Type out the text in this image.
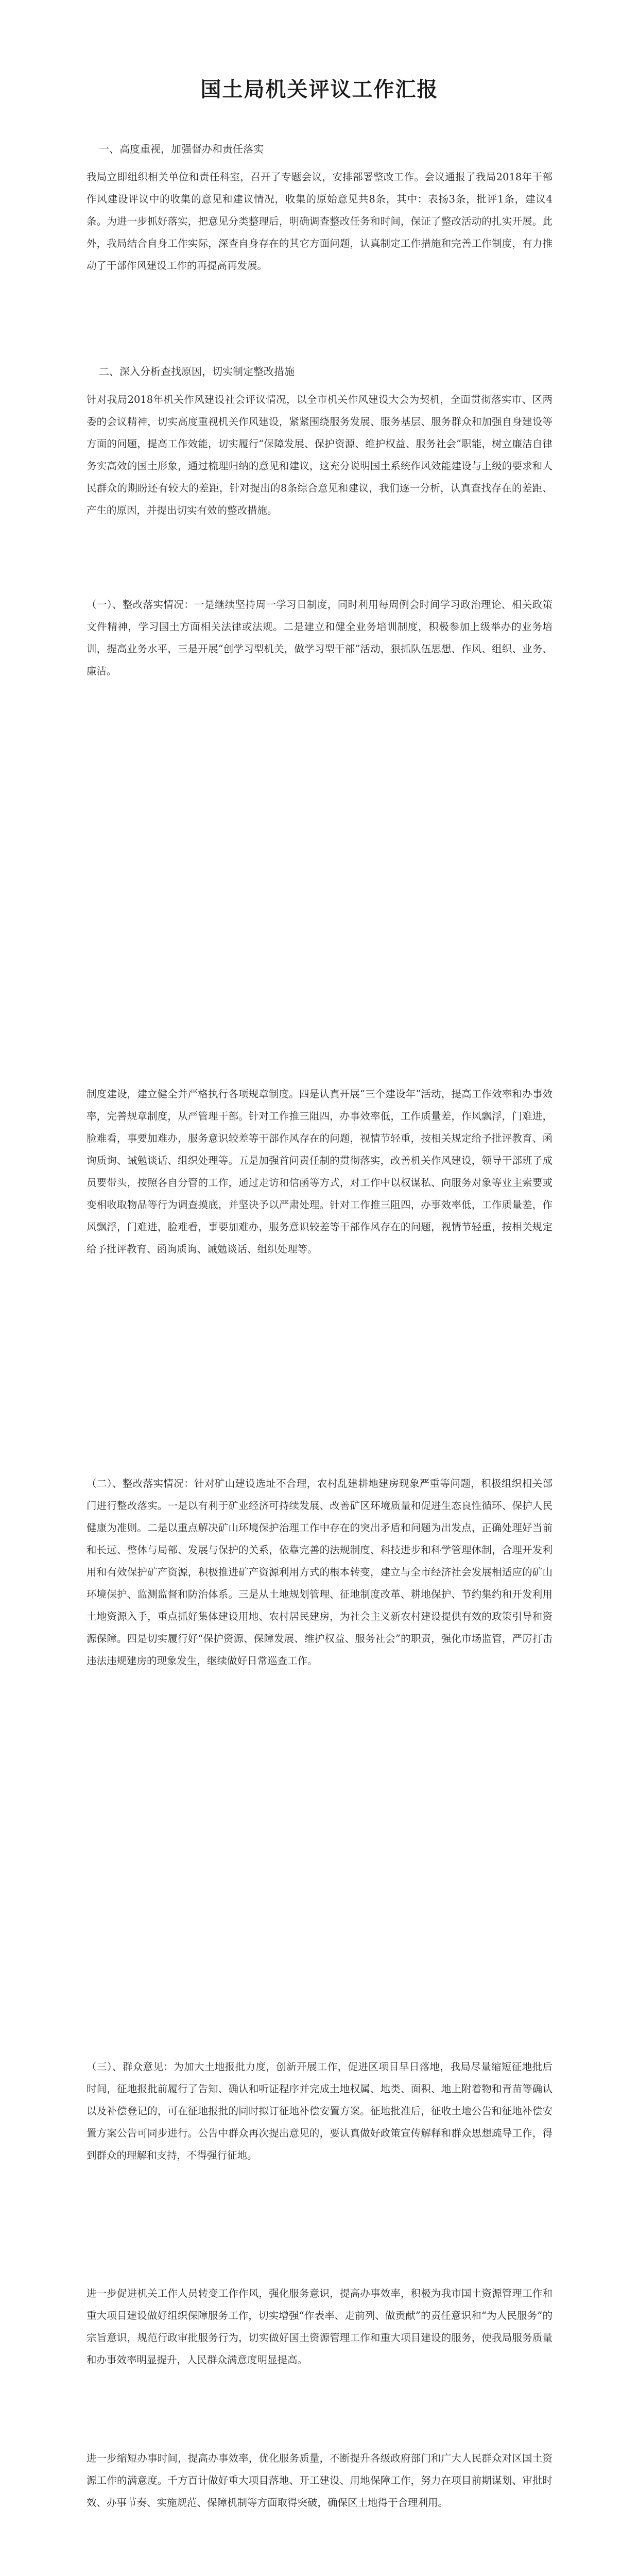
国土局机关评议工作汇报
一、高度重视，加强督办和责任落实

我局立即组织相关单位和责任科室，召开了专题会议，安排部署整改工作。会议通报了我局2018年干部作风建设评议中的收集的意见和建议情况，收集的原始意见共8条，其中：表扬3条，批评1条，建议4条。为进一步抓好落实，把意见分类整理后，明确调查整改任务和时间，保证了整改活动的扎实开展。此外，我局结合自身工作实际，深查自身存在的其它方面问题，认真制定工作措施和完善工作制度，有力推动了干部作风建设工作的再提高再发展。

二、深入分析查找原因，切实制定整改措施

针对我局2018年机关作风建设社会评议情况，以全市机关作风建设大会为契机，全面贯彻落实市、区两委的会议精神，切实高度重视机关作风建设，紧紧围绕服务发展、服务基层、服务群众和加强自身建设等方面的问题，提高工作效能，切实履行“保障发展、保护资源、维护权益、服务社会”职能，树立廉洁自律务实高效的国土形象，通过梳理归纳的意见和建议，这充分说明国土系统作风效能建设与上级的要求和人民群众的期盼还有较大的差距，针对提出的8条综合意见和建议，我们逐一分析，认真查找存在的差距、产生的原因，并提出切实有效的整改措施。

（一）、整改落实情况：一是继续坚持周一学习日制度，同时利用每周例会时间学习政治理论、相关政策文件精神，学习国土方面相关法律或法规。二是建立和健全业务培训制度，积极参加上级举办的业务培训，提高业务水平，三是开展“创学习型机关，做学习型干部”活动，狠抓队伍思想、作风、组织、业务、廉洁。

制度建设，建立健全并严格执行各项规章制度。四是认真开展“三个建设年”活动，提高工作效率和办事效率，完善规章制度，从严管理干部。针对工作推三阻四，办事效率低，工作质量差，作风飘浮，门难进，脸难看，事要加难办，服务意识较差等干部作风存在的问题，视情节轻重，按相关规定给予批评教育、函询质询、诫勉谈话、组织处理等。五是加强首问责任制的贯彻落实，改善机关作风建设，领导干部班子成员要带头，按照各自分管的工作，通过走访和信函等方式，对工作中以权谋私、向服务对象等业主索要或变相收取物品等行为调查摸底，并坚决予以严肃处理。针对工作推三阻四，办事效率低，工作质量差，作风飘浮，门难进，脸难看，事要加难办，服务意识较差等干部作风存在的问题，视情节轻重，按相关规定给予批评教育、函询质询、诫勉谈话、组织处理等。

（二）、整改落实情况：针对矿山建设选址不合理，农村乱建耕地建房现象严重等问题，积极组织相关部门进行整改落实。一是以有利于矿业经济可持续发展、改善矿区环境质量和促进生态良性循环、保护人民健康为准则。二是以重点解决矿山环境保护治理工作中存在的突出矛盾和问题为出发点，正确处理好当前和长远、整体与局部、发展与保护的关系，依靠完善的法规制度、科技进步和科学管理体制，合理开发利用和有效保护矿产资源，积极推进矿产资源利用方式的根本转变，建立与全市经济社会发展相适应的矿山环境保护、监测监督和防治体系。三是从土地规划管理、征地制度改革、耕地保护、节约集约和开发利用土地资源入手，重点抓好集体建设用地、农村居民建房，为社会主义新农村建设提供有效的政策引导和资源保障。四是切实履行好“保护资源、保障发展、维护权益、服务社会”的职责，强化市场监管，严厉打击违法违规建房的现象发生，继续做好日常巡查工作。

（三）、群众意见：为加大土地报批力度，创新开展工作，促进区项目早日落地，我局尽量缩短征地批后时间，征地报批前履行了告知、确认和听证程序并完成土地权属、地类、面积、地上附着物和青苗等确认以及补偿登记的，可在征地报批的同时拟订征地补偿安置方案。征地批准后，征收土地公告和征地补偿安置方案公告可同步进行。公告中群众再次提出意见的，要认真做好政策宣传解释和群众思想疏导工作，得到群众的理解和支持，不得强行征地。

进一步促进机关工作人员转变工作作风，强化服务意识，提高办事效率，积极为我市国土资源管理工作和重大项目建设做好组织保障服务工作，切实增强“作表率、走前列、做贡献”的责任意识和“为人民服务”的宗旨意识，规范行政审批服务行为，切实做好国土资源管理工作和重大项目建设的服务，使我局服务质量和办事效率明显提升，人民群众满意度明显提高。

进一步缩短办事时间，提高办事效率，优化服务质量，不断提升各级政府部门和广大人民群众对区国土资源工作的满意度。千方百计做好重大项目落地、开工建设、用地保障工作，努力在项目前期谋划、审批时效、办事节奏、实施规范、保障机制等方面取得突破，确保区土地得于合理利用。
